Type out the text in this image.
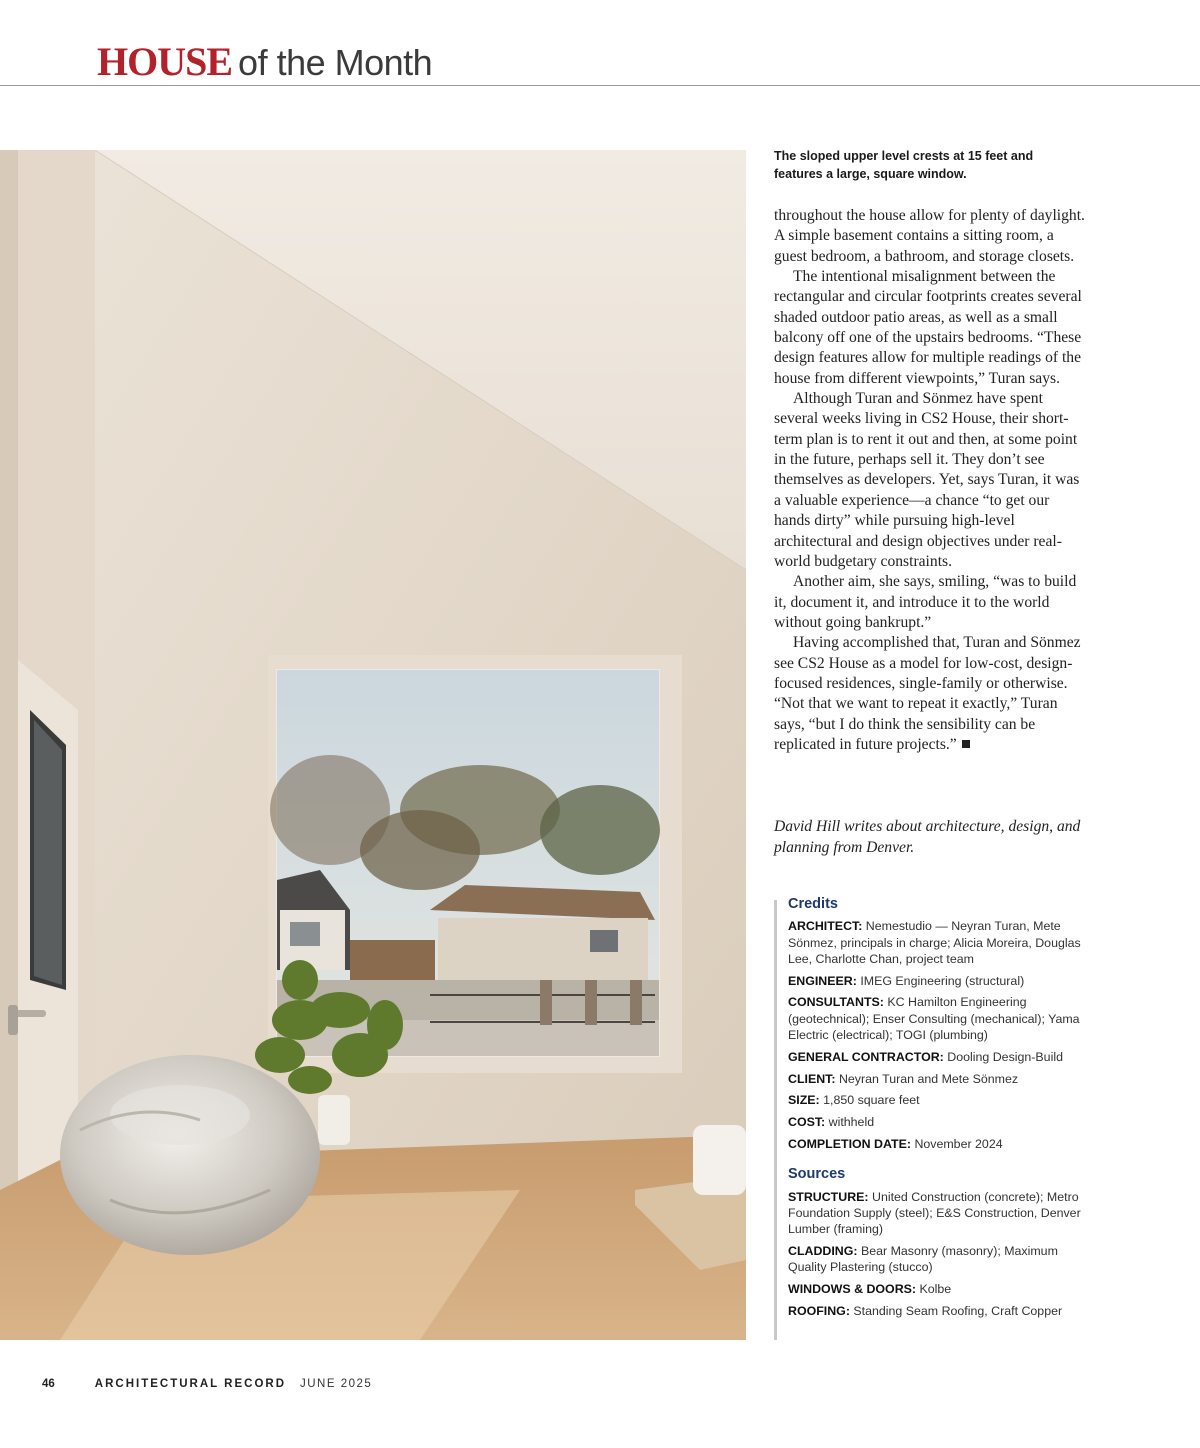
HOUSE of the Month
The sloped upper level crests at 15 feet and features a large, square window.

throughout the house allow for plenty of daylight. A simple basement contains a sitting room, a guest bedroom, a bathroom, and storage closets.

The intentional misalignment between the rectangular and circular footprints creates several shaded outdoor patio areas, as well as a small balcony off one of the upstairs bedrooms. “These design features allow for multiple readings of the house from different viewpoints,” Turan says.

Although Turan and Sönmez have spent several weeks living in CS2 House, their short-term plan is to rent it out and then, at some point in the future, perhaps sell it. They don’t see themselves as developers. Yet, says Turan, it was a valuable experience—a chance “to get our hands dirty” while pursuing high-level architectural and design objectives under real-world budgetary constraints.

Another aim, she says, smiling, “was to build it, document it, and introduce it to the world without going bankrupt.”

Having accomplished that, Turan and Sönmez see CS2 House as a model for low-cost, design-focused residences, single-family or otherwise. “Not that we want to repeat it exactly,” Turan says, “but I do think the sensibility can be replicated in future projects.”

David Hill writes about architecture, design, and planning from Denver.
Credits
ARCHITECT: Nemestudio — Neyran Turan, Mete Sönmez, principals in charge; Alicia Moreira, Douglas Lee, Charlotte Chan, project team
ENGINEER: IMEG Engineering (structural)
CONSULTANTS: KC Hamilton Engineering (geotechnical); Enser Consulting (mechanical); Yama Electric (electrical); TOGI (plumbing)
GENERAL CONTRACTOR: Dooling Design-Build
CLIENT: Neyran Turan and Mete Sönmez
SIZE: 1,850 square feet
COST: withheld
COMPLETION DATE: November 2024
Sources
STRUCTURE: United Construction (concrete); Metro Foundation Supply (steel); E&S Construction, Denver Lumber (framing)
CLADDING: Bear Masonry (masonry); Maximum Quality Plastering (stucco)
WINDOWS & DOORS: Kolbe
ROOFING: Standing Seam Roofing, Craft Copper
46	ARCHITECTURAL RECORD JUNE 2025
